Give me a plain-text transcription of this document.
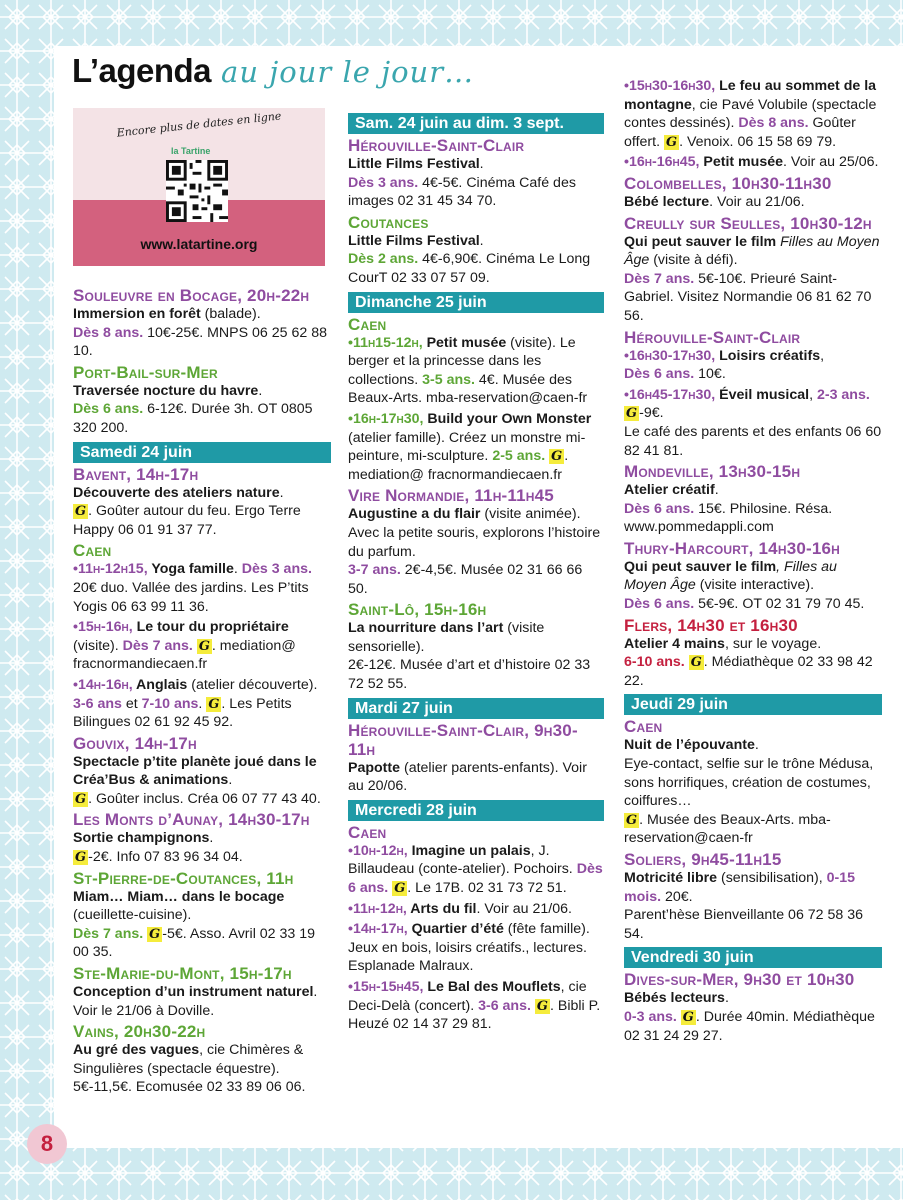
8
L’agenda au jour le jour…
Encore plus de dates en ligne
la Tartine
www.latartine.org
Souleuvre en Bocage, 20h-22h

Immersion en forêt (balade).
Dès 8 ans. 10€-25€. MNPS 06 25 62 88 10.

Port-Bail-sur-Mer

Traversée nocture du havre.
Dès 6 ans. 6-12€. Durée 3h. OT 0805 320 200.

Samedi 24 juin
Bavent, 14h-17h

Découverte des ateliers nature.
G . Goûter autour du feu. Ergo Terre Happy 06 01 91 37 77.

Caen

•11h-12h15, Yoga famille. Dès 3 ans. 20€ duo. Vallée des jardins. Les P’tits Yogis 06 63 99 11 36.

•15h-16h, Le tour du propriétaire (visite). Dès 7 ans. G . mediation@ fracnormandiecaen.fr

•14h-16h, Anglais (atelier découverte). 3-6 ans et 7-10 ans. G . Les Petits Bilingues 02 61 92 45 92.

Gouvix, 14h-17h

Spectacle p’tite planète joué dans le Créa’Bus & animations.
G . Goûter inclus. Créa 06 07 77 43 40.

Les Monts d’Aunay, 14h30-17h

Sortie champignons.
G -2€. Info 07 83 96 34 04.

St-Pierre-de-Coutances, 11h

Miam… Miam… dans le bocage (cueillette-cuisine).
Dès 7 ans. G -5€. Asso. Avril 02 33 19 00 35.

Ste-Marie-du-Mont, 15h-17h

Conception d’un instrument naturel. Voir le 21/06 à Doville.

Vains, 20h30-22h

Au gré des vagues, cie Chimères & Singulières (spectacle équestre). 5€-11,5€. Ecomusée 02 33 89 06 06.

Sam. 24 juin au dim. 3 sept.
Hérouville-Saint-Clair

Little Films Festival.
Dès 3 ans. 4€-5€. Cinéma Café des images 02 31 45 34 70.

Coutances

Little Films Festival.
Dès 2 ans. 4€-6,90€. Cinéma Le Long CourT 02 33 07 57 09.

Dimanche 25 juin
Caen

•11h15-12h, Petit musée (visite). Le berger et la princesse dans les collections. 3-5 ans. 4€. Musée des Beaux-Arts. mba-reservation@caen-fr

•16h-17h30, Build your Own Monster (atelier famille). Créez un monstre mi-peinture, mi-sculpture. 2-5 ans. G . mediation@ fracnormandiecaen.fr

Vire Normandie, 11h-11h45

Augustine a du flair (visite animée). Avec la petite souris, explorons l’histoire du parfum.
3-7 ans. 2€-4,5€. Musée 02 31 66 66 50.

Saint-Lô, 15h-16h

La nourriture dans l’art (visite sensorielle).
2€-12€. Musée d’art et d’histoire 02 33 72 52 55.

Mardi 27 juin
Hérouville-Saint-Clair, 9h30-11h

Papotte (atelier parents-enfants). Voir au 20/06.

Mercredi 28 juin
Caen

•10h-12h, Imagine un palais, J. Billaudeau (conte-atelier). Pochoirs. Dès 6 ans. G . Le 17B. 02 31 73 72 51.

•11h-12h, Arts du fil. Voir au 21/06.

•14h-17h, Quartier d’été (fête famille). Jeux en bois, loisirs créatifs., lectures. Esplanade Malraux.

•15h-15h45, Le Bal des Mouflets, cie Deci-Delà (concert). 3-6 ans. G . Bibli P. Heuzé 02 14 37 29 81.

•15h30-16h30, Le feu au sommet de la montagne, cie Pavé Volubile (spectacle contes dessinés). Dès 8 ans. Goûter offert. G . Venoix. 06 15 58 69 79.

•16h-16h45, Petit musée. Voir au 25/06.

Colombelles, 10h30-11h30

Bébé lecture. Voir au 21/06.

Creully sur Seulles, 10h30-12h

Qui peut sauver le film Filles au Moyen Âge (visite à défi).
Dès 7 ans. 5€-10€. Prieuré Saint-Gabriel. Visitez Normandie 06 81 62 70 56.

Hérouville-Saint-Clair

•16h30-17h30, Loisirs créatifs,
Dès 6 ans. 10€.

•16h45-17h30, Éveil musical, 2-3 ans. G -9€.
Le café des parents et des enfants 06 60 82 41 81.

Mondeville, 13h30-15h

Atelier créatif.
Dès 6 ans. 15€. Philosine. Résa. www.pommedappli.com

Thury-Harcourt, 14h30-16h

Qui peut sauver le film, Filles au Moyen Âge (visite interactive).
Dès 6 ans. 5€-9€. OT 02 31 79 70 45.

Flers, 14h30 et 16h30

Atelier 4 mains, sur le voyage.
6-10 ans. G . Médiathèque 02 33 98 42 22.

Jeudi 29 juin
Caen

Nuit de l’épouvante.
Eye-contact, selfie sur le trône Médusa, sons horrifiques, création de costumes, coiffures…
G . Musée des Beaux-Arts. mba-reservation@caen-fr

Soliers, 9h45-11h15

Motricité libre (sensibilisation), 0-15 mois. 20€.
Parent’hèse Bienveillante 06 72 58 36 54.

Vendredi 30 juin
Dives-sur-Mer, 9h30 et 10h30

Bébés lecteurs.
0-3 ans. G . Durée 40min. Médiathèque 02 31 24 29 27.
